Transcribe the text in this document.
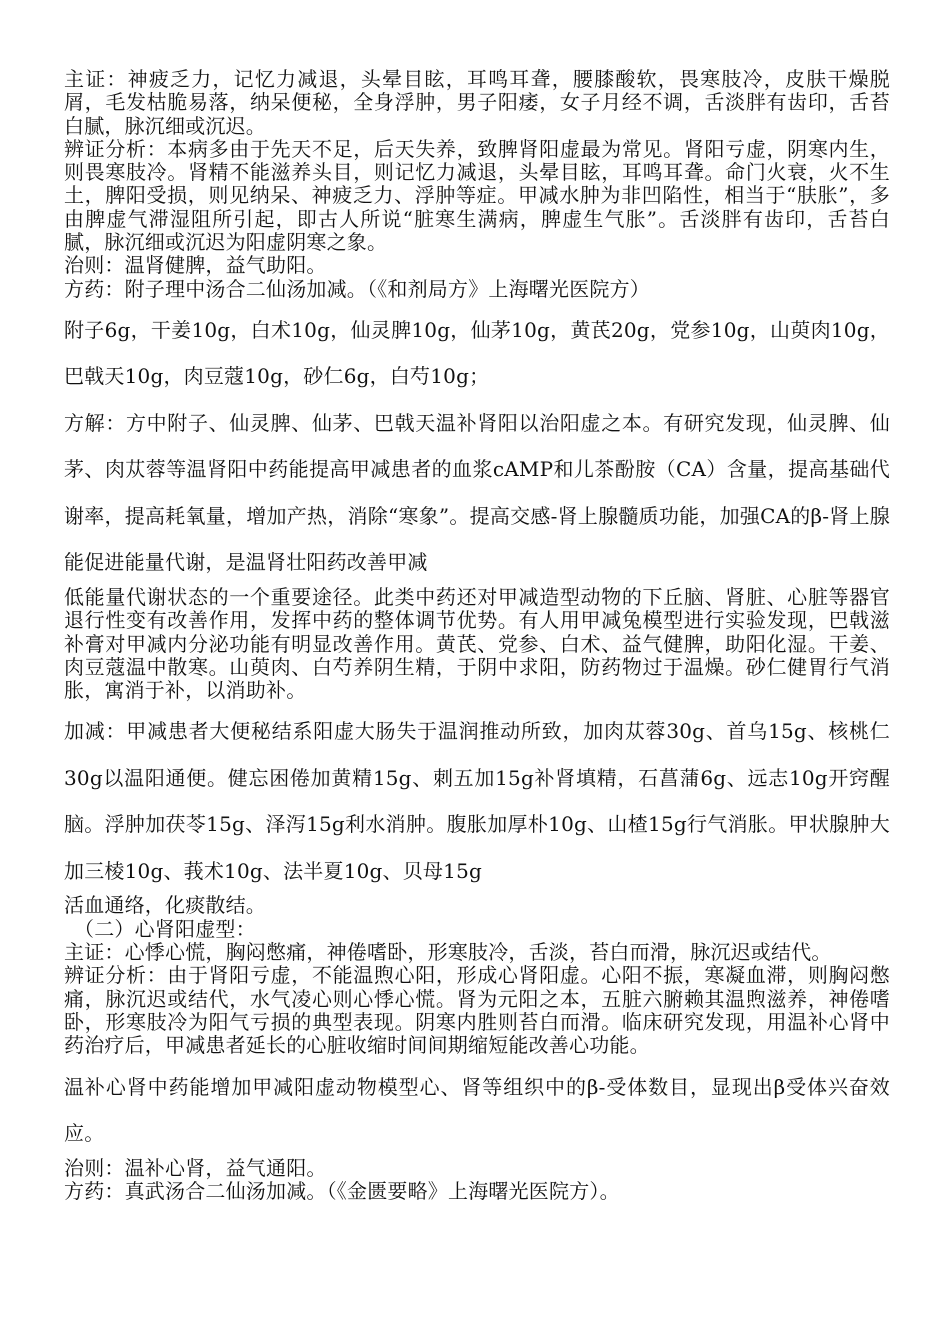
主证：神疲乏力，记忆力减退，头晕目眩，耳鸣耳聋，腰膝酸软，畏寒肢冷，皮肤干燥脱屑，毛发枯脆易落，纳呆便秘，全身浮肿，男子阳痿，女子月经不调，舌淡胖有齿印，舌苔白腻，脉沉细或沉迟。

辨证分析：本病多由于先天不足，后天失养，致脾肾阳虚最为常见。肾阳亏虚，阴寒内生，则畏寒肢冷。肾精不能滋养头目，则记忆力减退，头晕目眩，耳鸣耳聋。命门火衰，火不生土，脾阳受损，则见纳呆、神疲乏力、浮肿等症。甲减水肿为非凹陷性，相当于“肤胀”，多由脾虚气滞湿阻所引起，即古人所说“脏寒生满病，脾虚生气胀”。舌淡胖有齿印，舌苔白腻，脉沉细或沉迟为阳虚阴寒之象。

治则：温肾健脾，益气助阳。

方药：附子理中汤合二仙汤加减。（《和剂局方》上海曙光医院方）

附子6g，干姜10g，白术10g，仙灵脾10g，仙茅10g，黄芪20g，党参10g，山萸肉10g，巴戟天10g，肉豆蔻10g，砂仁6g，白芍10g；

方解：方中附子、仙灵脾、仙茅、巴戟天温补肾阳以治阳虚之本。有研究发现，仙灵脾、仙茅、肉苁蓉等温肾阳中药能提高甲减患者的血浆cAMP和儿茶酚胺（CA）含量，提高基础代谢率，提高耗氧量，增加产热，消除“寒象”。提高交感-肾上腺髓质功能，加强CA的β-肾上腺能促进能量代谢，是温肾壮阳药改善甲减

低能量代谢状态的一个重要途径。此类中药还对甲减造型动物的下丘脑、肾脏、心脏等器官退行性变有改善作用，发挥中药的整体调节优势。有人用甲减兔模型进行实验发现，巴戟滋补膏对甲减内分泌功能有明显改善作用。黄芪、党参、白术、益气健脾，助阳化湿。干姜、肉豆蔻温中散寒。山萸肉、白芍养阴生精，于阴中求阳，防药物过于温燥。砂仁健胃行气消胀，寓消于补，以消助补。

加减：甲减患者大便秘结系阳虚大肠失于温润推动所致，加肉苁蓉30g、首乌15g、核桃仁30g以温阳通便。健忘困倦加黄精15g、刺五加15g补肾填精，石菖蒲6g、远志10g开窍醒脑。浮肿加茯苓15g、泽泻15g利水消肿。腹胀加厚朴10g、山楂15g行气消胀。甲状腺肿大加三棱10g、莪术10g、法半夏10g、贝母15g

活血通络，化痰散结。

（二）心肾阳虚型：

主证：心悸心慌，胸闷憋痛，神倦嗜卧，形寒肢冷，舌淡，苔白而滑，脉沉迟或结代。

辨证分析：由于肾阳亏虚，不能温煦心阳，形成心肾阳虚。心阳不振，寒凝血滞，则胸闷憋痛，脉沉迟或结代，水气凌心则心悸心慌。肾为元阳之本，五脏六腑赖其温煦滋养，神倦嗜卧，形寒肢冷为阳气亏损的典型表现。阴寒内胜则苔白而滑。临床研究发现，用温补心肾中药治疗后，甲减患者延长的心脏收缩时间间期缩短能改善心功能。

温补心肾中药能增加甲减阳虚动物模型心、肾等组织中的β-受体数目，显现出β受体兴奋效应。

治则：温补心肾，益气通阳。

方药：真武汤合二仙汤加减。（《金匮要略》上海曙光医院方）。
